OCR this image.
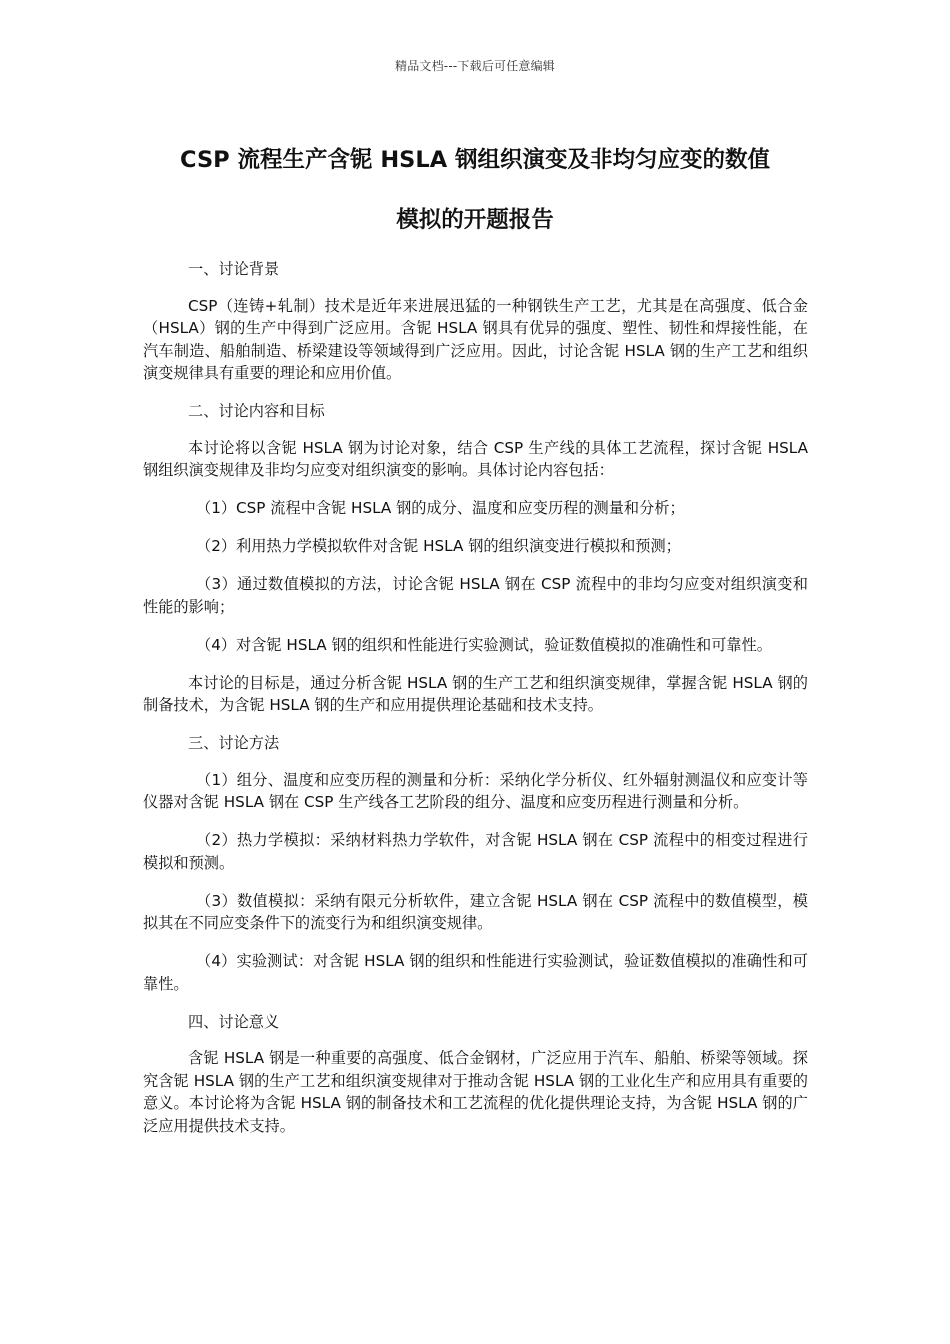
精品文档---下载后可任意编辑
CSP 流程生产含铌 HSLA 钢组织演变及非均匀应变的数值
模拟的开题报告

一、讨论背景

CSP（连铸+轧制）技术是近年来进展迅猛的一种钢铁生产工艺，尤其是在高强度、低合金（HSLA）钢的生产中得到广泛应用。含铌 HSLA 钢具有优异的强度、塑性、韧性和焊接性能，在汽车制造、船舶制造、桥梁建设等领域得到广泛应用。因此，讨论含铌 HSLA 钢的生产工艺和组织演变规律具有重要的理论和应用价值。

二、讨论内容和目标

本讨论将以含铌 HSLA 钢为讨论对象，结合 CSP 生产线的具体工艺流程，探讨含铌 HSLA 钢组织演变规律及非均匀应变对组织演变的影响。具体讨论内容包括：

（1）CSP 流程中含铌 HSLA 钢的成分、温度和应变历程的测量和分析；

（2）利用热力学模拟软件对含铌 HSLA 钢的组织演变进行模拟和预测；

（3）通过数值模拟的方法，讨论含铌 HSLA 钢在 CSP 流程中的非均匀应变对组织演变和性能的影响；

（4）对含铌 HSLA 钢的组织和性能进行实验测试，验证数值模拟的准确性和可靠性。

本讨论的目标是，通过分析含铌 HSLA 钢的生产工艺和组织演变规律，掌握含铌 HSLA 钢的制备技术，为含铌 HSLA 钢的生产和应用提供理论基础和技术支持。

三、讨论方法

（1）组分、温度和应变历程的测量和分析：采纳化学分析仪、红外辐射测温仪和应变计等仪器对含铌 HSLA 钢在 CSP 生产线各工艺阶段的组分、温度和应变历程进行测量和分析。

（2）热力学模拟：采纳材料热力学软件，对含铌 HSLA 钢在 CSP 流程中的相变过程进行模拟和预测。

（3）数值模拟：采纳有限元分析软件，建立含铌 HSLA 钢在 CSP 流程中的数值模型，模拟其在不同应变条件下的流变行为和组织演变规律。

（4）实验测试：对含铌 HSLA 钢的组织和性能进行实验测试，验证数值模拟的准确性和可靠性。

四、讨论意义

含铌 HSLA 钢是一种重要的高强度、低合金钢材，广泛应用于汽车、船舶、桥梁等领域。探究含铌 HSLA 钢的生产工艺和组织演变规律对于推动含铌 HSLA 钢的工业化生产和应用具有重要的意义。本讨论将为含铌 HSLA 钢的制备技术和工艺流程的优化提供理论支持，为含铌 HSLA 钢的广泛应用提供技术支持。
